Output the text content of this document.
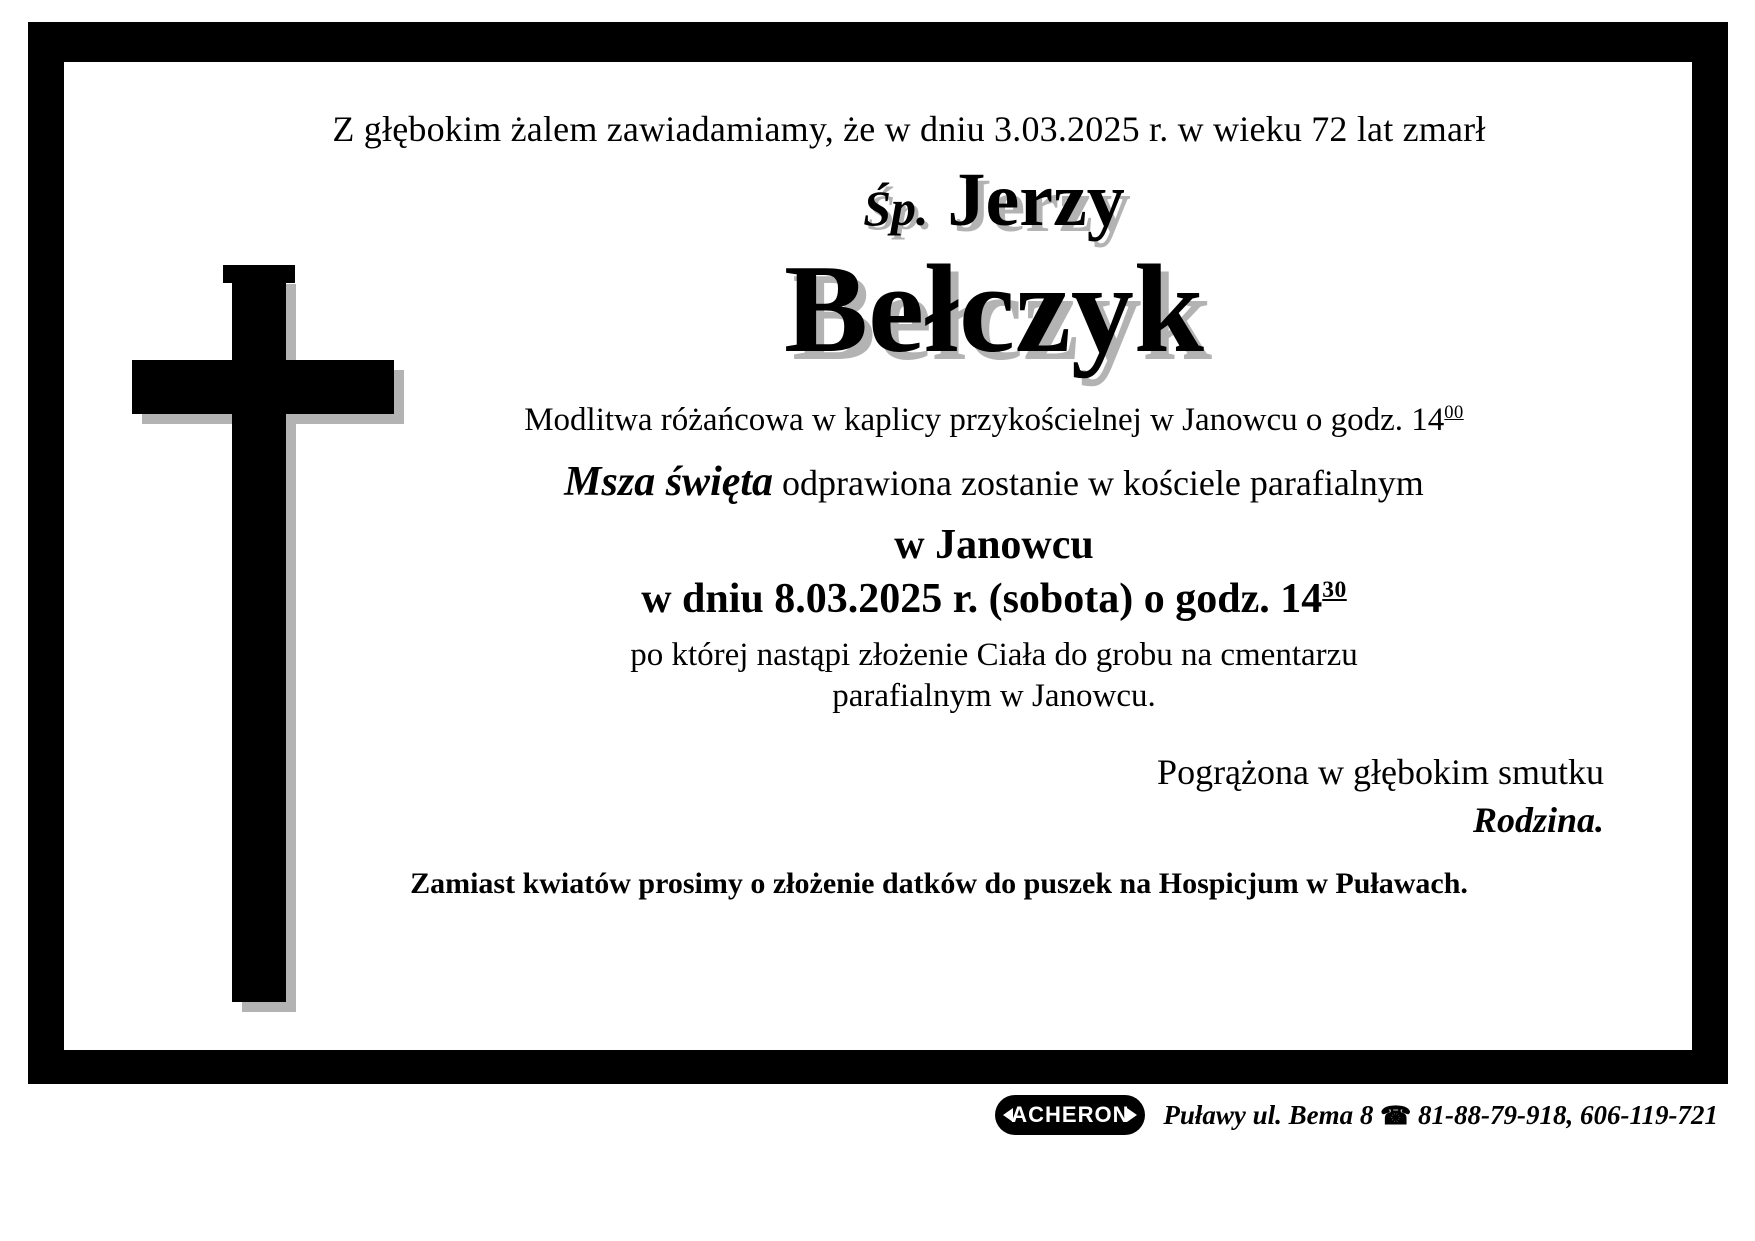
Z głębokim żalem zawiadamiamy, że w dniu 3.03.2025 r. w wieku 72 lat zmarł
Śp. Jerzy
Bełczyk
Modlitwa różańcowa w kaplicy przykościelnej w Janowcu o godz. $14^{00}$
Msza święta odprawiona zostanie w kościele parafialnym
w Janowcu
w dniu 8.03.2025 r. (sobota) o godz. $14^{30}$
po której nastąpi złożenie Ciała do grobu na cmentarzu
parafialnym w Janowcu.
Pogrążona w głębokim smutku
Rodzina.
Zamiast kwiatów prosimy o złożenie datków do puszek na Hospicjum w Puławach.
ACHERON	Puławy ul. Bema 8 ☎ 81-88-79-918, 606-119-721
